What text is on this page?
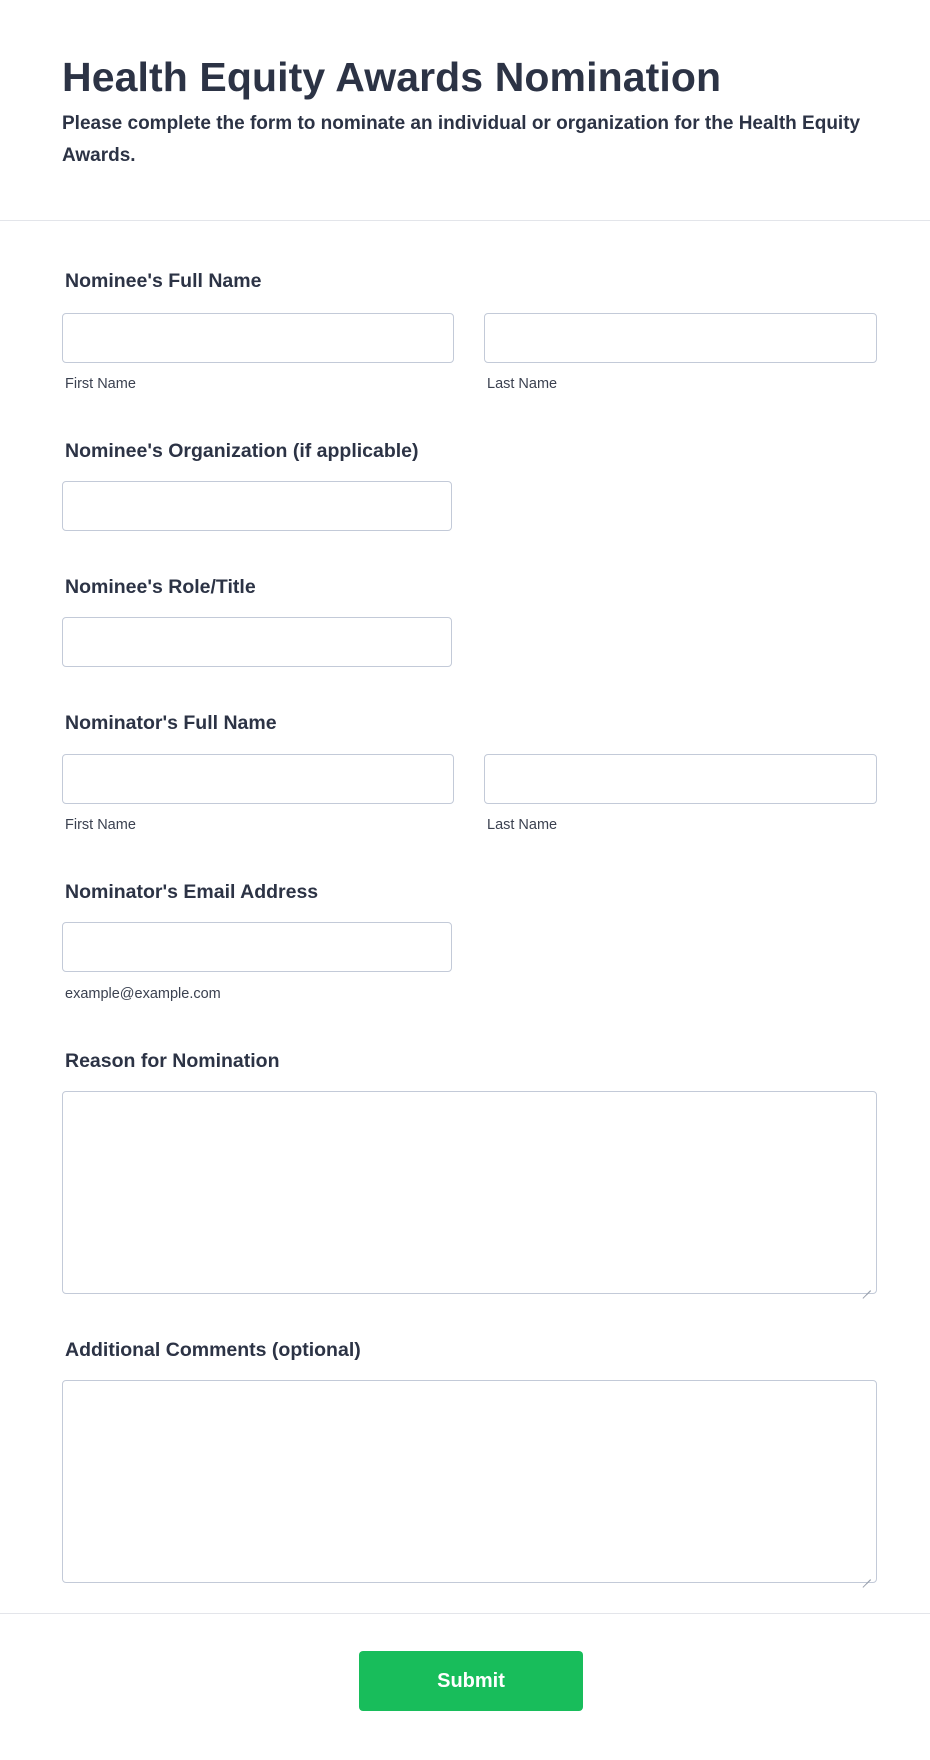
Health Equity Awards Nomination

Please complete the form to nominate an individual or organization for the Health Equity Awards.

Nominee's Full Name
First Name	Last Name
Nominee's Organization (if applicable)
Nominee's Role/Title
Nominator's Full Name
First Name	Last Name
Nominator's Email Address
example@example.com
Reason for Nomination
Additional Comments (optional)
Submit
